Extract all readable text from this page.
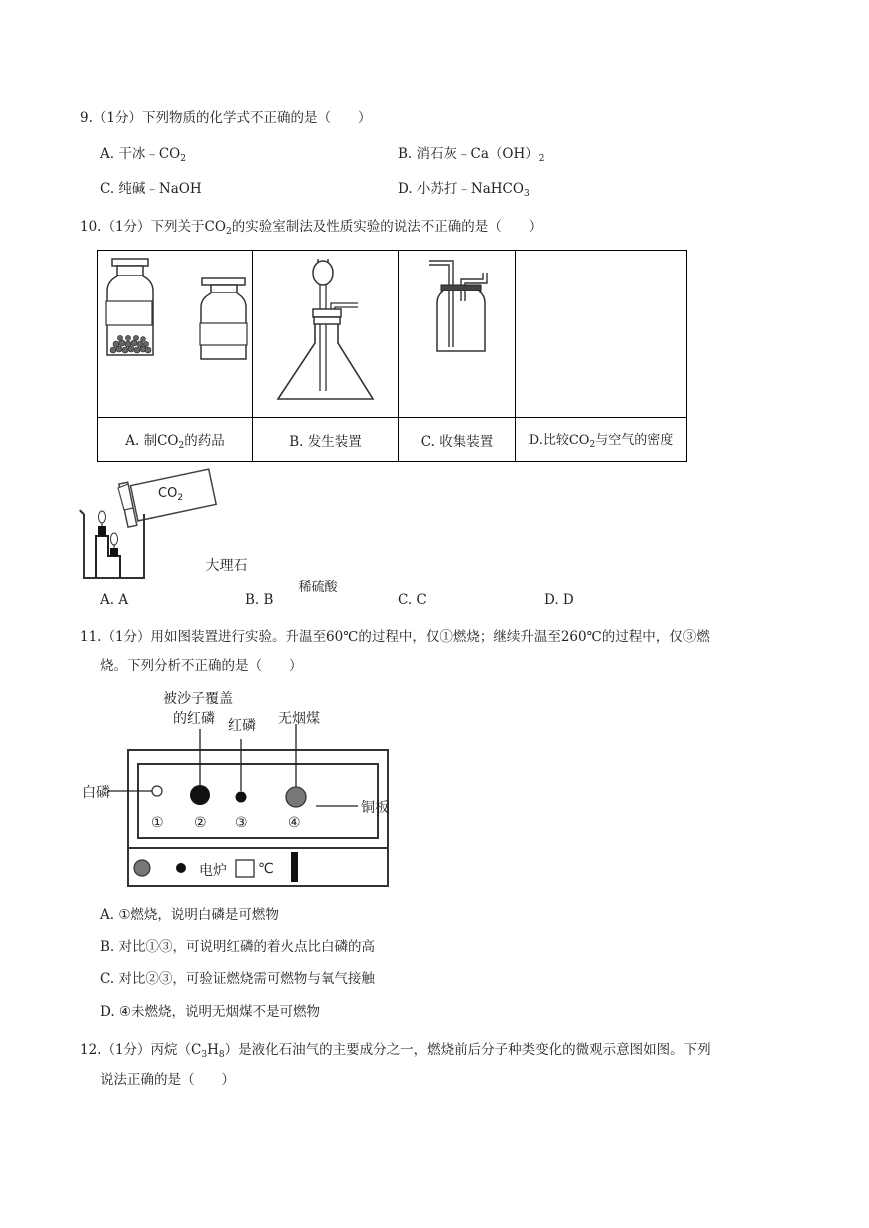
9.（1分）下列物质的化学式不正确的是（　　）
A. 干冰$﹣CO_2$	B. 消石灰$﹣Ca(OH)_2$
C. 纯碱﹣NaOH	D. 小苏打﹣NaHCO$_3$
10.（1分）下列关于$CO_2$的实验室制法及性质实验的说法不正确的是（　　）
大理石
稀硫酸

A. 制$CO_2$的药品	B. 发生装置	C. 收集装置	D.比较$CO_2$与空气的密度
$CO_2$
A. A	B. B	C. C	D. D
11.（1分）用如图装置进行实验。升温至60℃的过程中，仅①燃烧；继续升温至260℃的过程中，仅③燃
烧。下列分析不正确的是（　　）
被沙子覆盖
的红磷 红磷 无烟煤
白磷
铜板
① ② ③	④
电炉 ℃
A. ①燃烧，说明白磷是可燃物
B. 对比①③，可说明红磷的着火点比白磷的高
C. 对比②③，可验证燃烧需可燃物与氧气接触
D. ④未燃烧，说明无烟煤不是可燃物
12.（1分）丙烷$(C_3H_8)$是液化石油气的主要成分之一，燃烧前后分子种类变化的微观示意图如图。下列
说法正确的是（　　）
